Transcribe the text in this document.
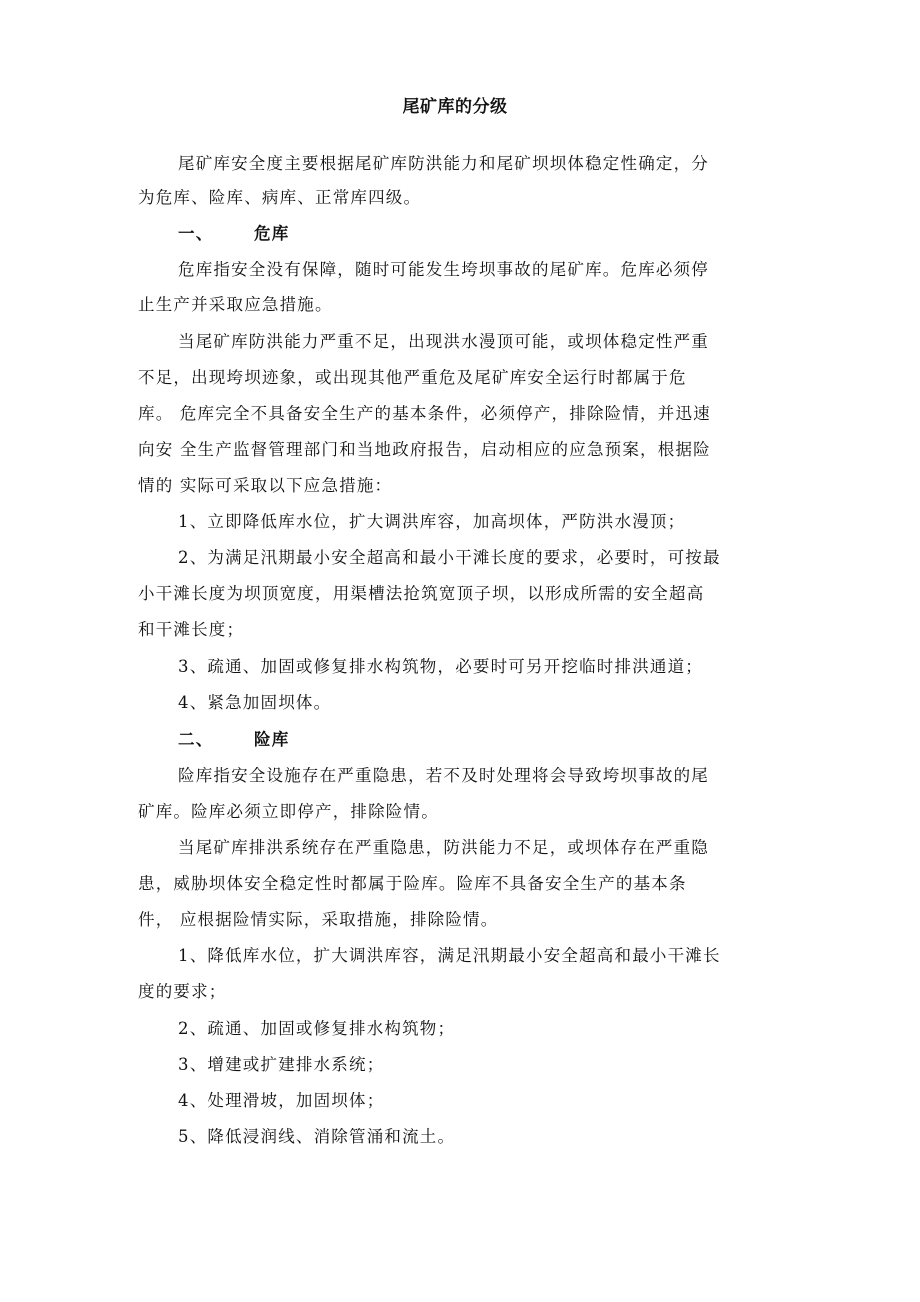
尾矿库的分级
尾矿库安全度主要根据尾矿库防洪能力和尾矿坝坝体稳定性确定，分
为危库、险库、病库、正常库四级。
一、 危库
危库指安全没有保障，随时可能发生垮坝事故的尾矿库。危库必须停
止生产并采取应急措施。
当尾矿库防洪能力严重不足，出现洪水漫顶可能，或坝体稳定性严重
不足，出现垮坝迹象，或出现其他严重危及尾矿库安全运行时都属于危
库。 危库完全不具备安全生产的基本条件，必须停产，排除险情，并迅速
向安 全生产监督管理部门和当地政府报告，启动相应的应急预案，根据险
情的 实际可采取以下应急措施：
1、立即降低库水位，扩大调洪库容，加高坝体，严防洪水漫顶；
2、为满足汛期最小安全超高和最小干滩长度的要求，必要时，可按最
小干滩长度为坝顶宽度，用渠槽法抢筑宽顶子坝，以形成所需的安全超高
和干滩长度；
3、疏通、加固或修复排水构筑物，必要时可另开挖临时排洪通道；
4、紧急加固坝体。
二、 险库
险库指安全设施存在严重隐患，若不及时处理将会导致垮坝事故的尾
矿库。险库必须立即停产，排除险情。
当尾矿库排洪系统存在严重隐患，防洪能力不足，或坝体存在严重隐
患，威胁坝体安全稳定性时都属于险库。险库不具备安全生产的基本条
件， 应根据险情实际，采取措施，排除险情。
1、降低库水位，扩大调洪库容，满足汛期最小安全超高和最小干滩长
度的要求；
2、疏通、加固或修复排水构筑物；
3、增建或扩建排水系统；
4、处理滑坡，加固坝体；
5、降低浸润线、消除管涌和流土。
